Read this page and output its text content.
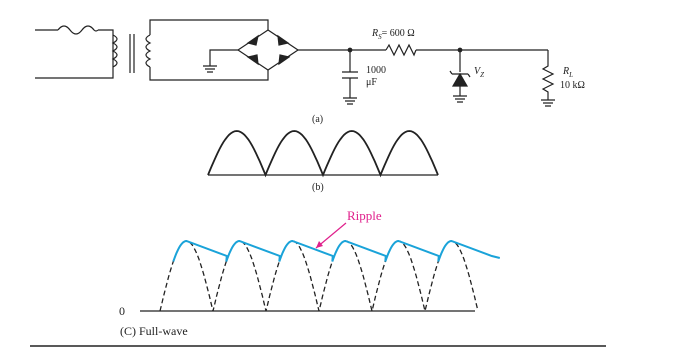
$R_S= 600$ Ω
1000
μF
$V_Z$	$R_L$
10 kΩ
(a)
(b)
Ripple
0
(C) Full-wave
